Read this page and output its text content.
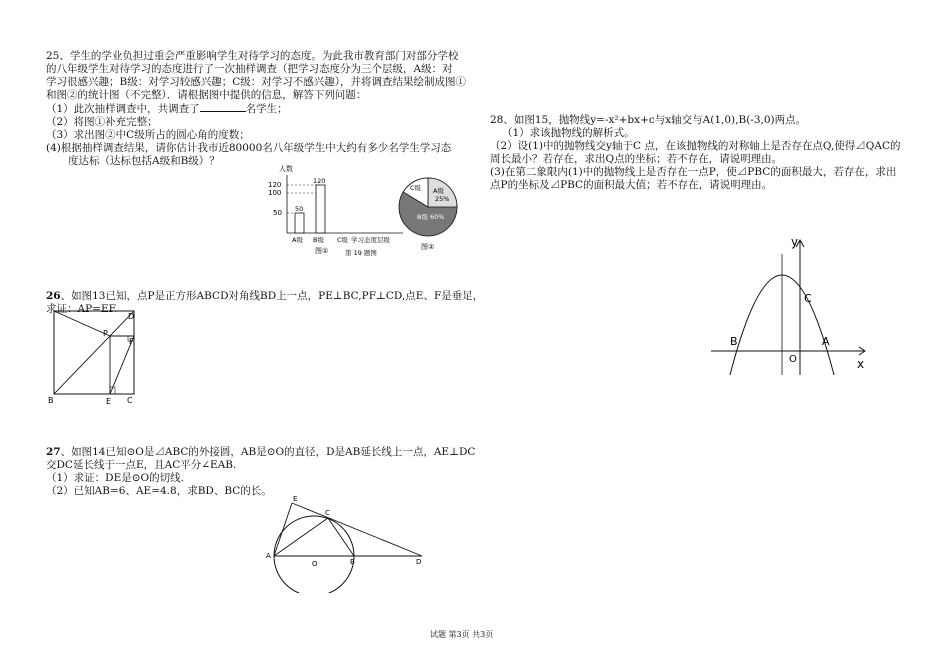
25、学生的学业负担过重会严重影响学生对待学习的态度。为此我市教育部门对部分学校
的八年级学生对待学习的态度进行了一次抽样调查（把学习态度分为三个层级，A级：对
学习很感兴趣；B级：对学习较感兴趣；C级：对学习不感兴趣），并将调查结果绘制成图①
和图②的统计图（不完整）．请根据图中提供的信息，解答下列问题：
（1）此次抽样调查中，共调查了	名学生；
（2）将图①补充完整；
（3）求出图②中C级所占的圆心角的度数；
(4)根据抽样调查结果，请你估计我市近80000名八年级学生中大约有多少名学生学习态
度达标（达标包括A级和B级）？
人数
120
100
50 50
120
A级 B级 C级 学习态度层级
图①	第 19 题图
C级 A级
25%
B级 60%
图②
26、如图13已知，点P是正方形ABCD对角线BD上一点，PE⊥BC,PF⊥CD,点E、F是垂足，
求证：AP=EF.
D
P
F
B	E C
27、如图14已知⊙O是⊿ABC的外接圆，AB是⊙O的直径，D是AB延长线上一点，AE⊥DC
交DC延长线于一点E，且AC平分∠EAB.
（1）求证：DE是⊙O的切线.
（2）已知AB=6、AE=4.8，求BD、BC的长。
E
C
A
O	B	D
28、如图15，抛物线y=-x²+bx+c与x轴交与A(1,0),B(-3,0)两点。
（1）求该抛物线的解析式。
（2）设(1)中的抛物线交y轴于C 点，在该抛物线的对称轴上是否存在点Q,使得⊿QAC的
周长最小？若存在，求出Q点的坐标；若不存在，请说明理由。
(3)在第二象限内(1)中的抛物线上是否存在一点P，使⊿PBC的面积最大，若存在，求出
点P的坐标及⊿PBC的面积最大值；若不存在，请说明理由。
y
x
B	A
C
O
试题 第3页 共3页
